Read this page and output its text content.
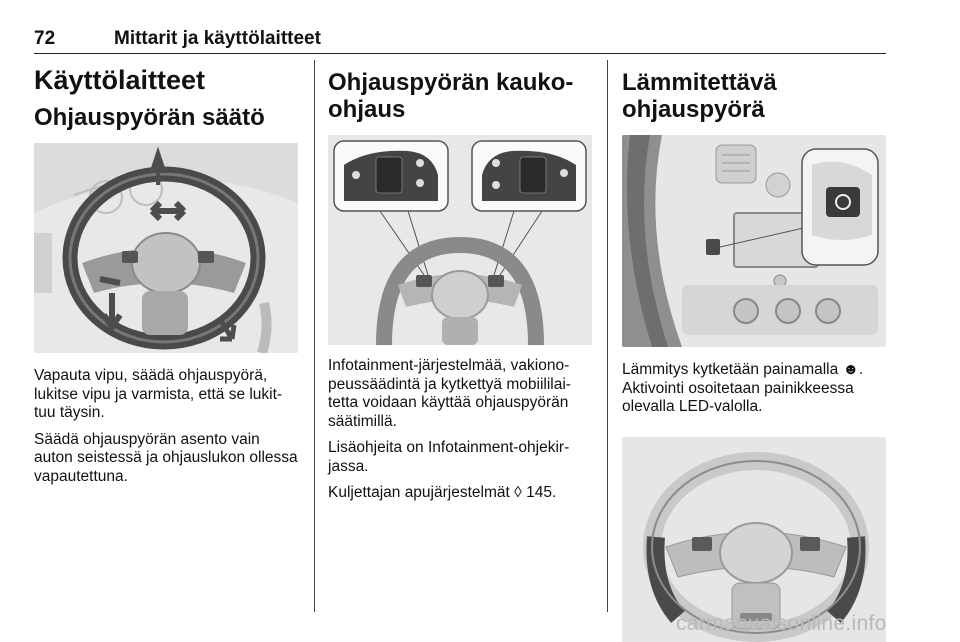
72	Mittarit ja käyttölaitteet
Käyttölaitteet
Ohjauspyörän säätö

Vapauta vipu, säädä ohjauspyörä, lukitse vipu ja varmista, että se lukit- tuu täysin.

Säädä ohjauspyörän asento vain auton seistessä ja ohjauslukon ollessa vapautettuna.

Ohjauspyörän kauko- ohjaus

Infotainment-järjestelmää, vakiono- peussäädintä ja kytkettyä mobiililai- tetta voidaan käyttää ohjauspyörän säätimillä.

Lisäohjeita on Infotainment-ohjekir- jassa.

Kuljettajan apujärjestelmät ◊ 145.

Lämmitettävä ohjauspyörä

Lämmitys kytketään painamalla ☻. Aktivointi osoitetaan painikkeessa olevalla LED-valolla.

carmanualsonline.info
